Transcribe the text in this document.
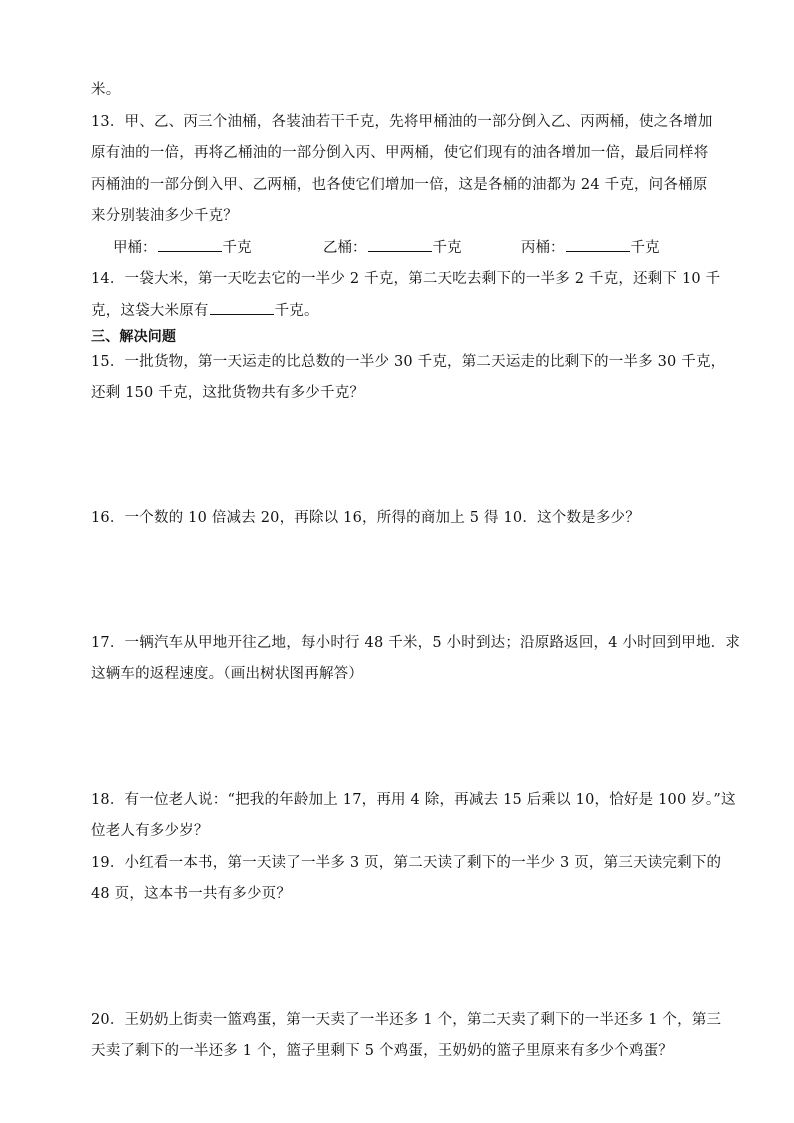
米。
13．甲、乙、丙三个油桶，各装油若干千克，先将甲桶油的一部分倒入乙、丙两桶，使之各增加
原有油的一倍，再将乙桶油的一部分倒入丙、甲两桶，使它们现有的油各增加一倍，最后同样将
丙桶油的一部分倒入甲、乙两桶，也各使它们增加一倍，这是各桶的油都为 24 千克，问各桶原
来分别装油多少千克？
甲桶：	千克	乙桶：	千克	丙桶：	千克
14．一袋大米，第一天吃去它的一半少 2 千克，第二天吃去剩下的一半多 2 千克，还剩下 10 千
克，这袋大米原有	千克。
三、解决问题
15．一批货物，第一天运走的比总数的一半少 30 千克，第二天运走的比剩下的一半多 30 千克，
还剩 150 千克，这批货物共有多少千克？
16．一个数的 10 倍减去 20，再除以 16，所得的商加上 5 得 10．这个数是多少？
17．一辆汽车从甲地开往乙地，每小时行 48 千米，5 小时到达；沿原路返回，4 小时回到甲地．求
这辆车的返程速度。（画出树状图再解答）
18．有一位老人说：“把我的年龄加上 17，再用 4 除，再减去 15 后乘以 10，恰好是 100 岁。”这
位老人有多少岁？
19．小红看一本书，第一天读了一半多 3 页，第二天读了剩下的一半少 3 页，第三天读完剩下的
48 页，这本书一共有多少页？
20．王奶奶上街卖一篮鸡蛋，第一天卖了一半还多 1 个，第二天卖了剩下的一半还多 1 个，第三
天卖了剩下的一半还多 1 个，篮子里剩下 5 个鸡蛋，王奶奶的篮子里原来有多少个鸡蛋？
